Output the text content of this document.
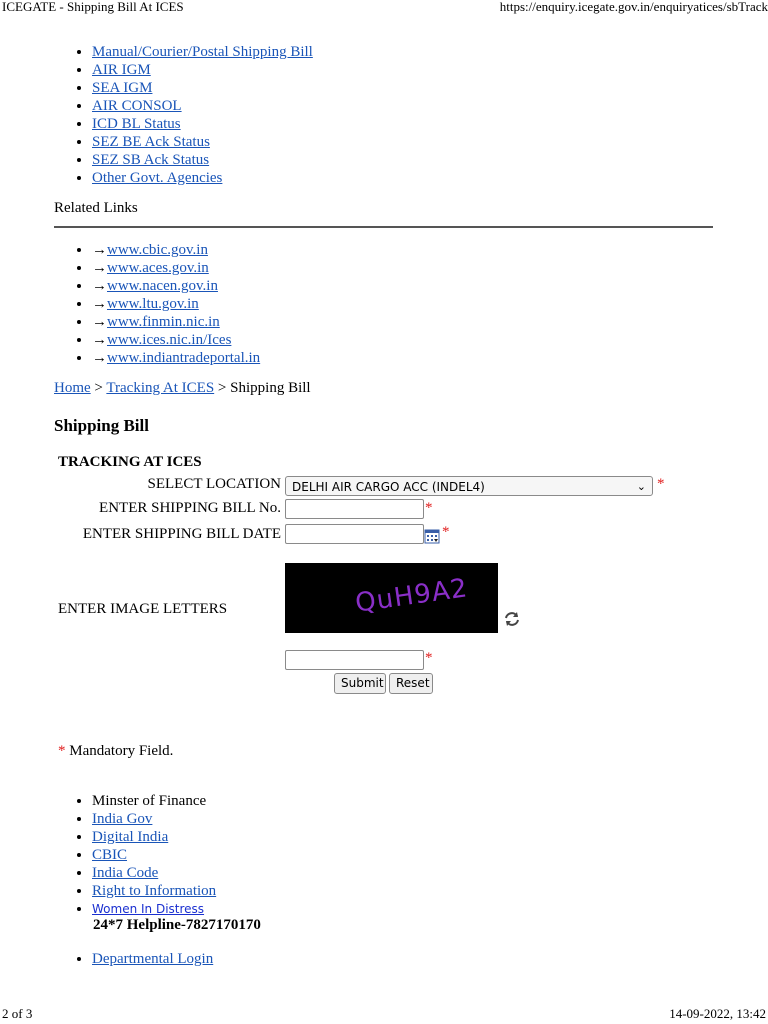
ICEGATE - Shipping Bill At ICES	https://enquiry.icegate.gov.in/enquiryatices/sbTrack
• Manual/Courier/Postal Shipping Bill
• AIR IGM
• SEA IGM
• AIR CONSOL
• ICD BL Status
• SEZ BE Ack Status
• SEZ SB Ack Status
• Other Govt. Agencies
Related Links
• →www.cbic.gov.in
• →www.aces.gov.in
• →www.nacen.gov.in
• →www.ltu.gov.in
• →www.finmin.nic.in
• →www.ices.nic.in/Ices
• →www.indiantradeportal.in
Home > Tracking At ICES > Shipping Bill
Shipping Bill
TRACKING AT ICES
SELECT LOCATION DELHI AIR CARGO ACC (INDEL4)	⌄ *
ENTER SHIPPING BILL No.	*
ENTER SHIPPING BILL DATE	*
ENTER IMAGE LETTERS	QuH9A2
*
Submit	Reset
* Mandatory Field.
• Minster of Finance
• India Gov
• Digital India
• CBIC
• India Code
• Right to Information
• Women In Distress
24*7 Helpline-7827170170
• Departmental Login
2 of 3	14-09-2022, 13:42
